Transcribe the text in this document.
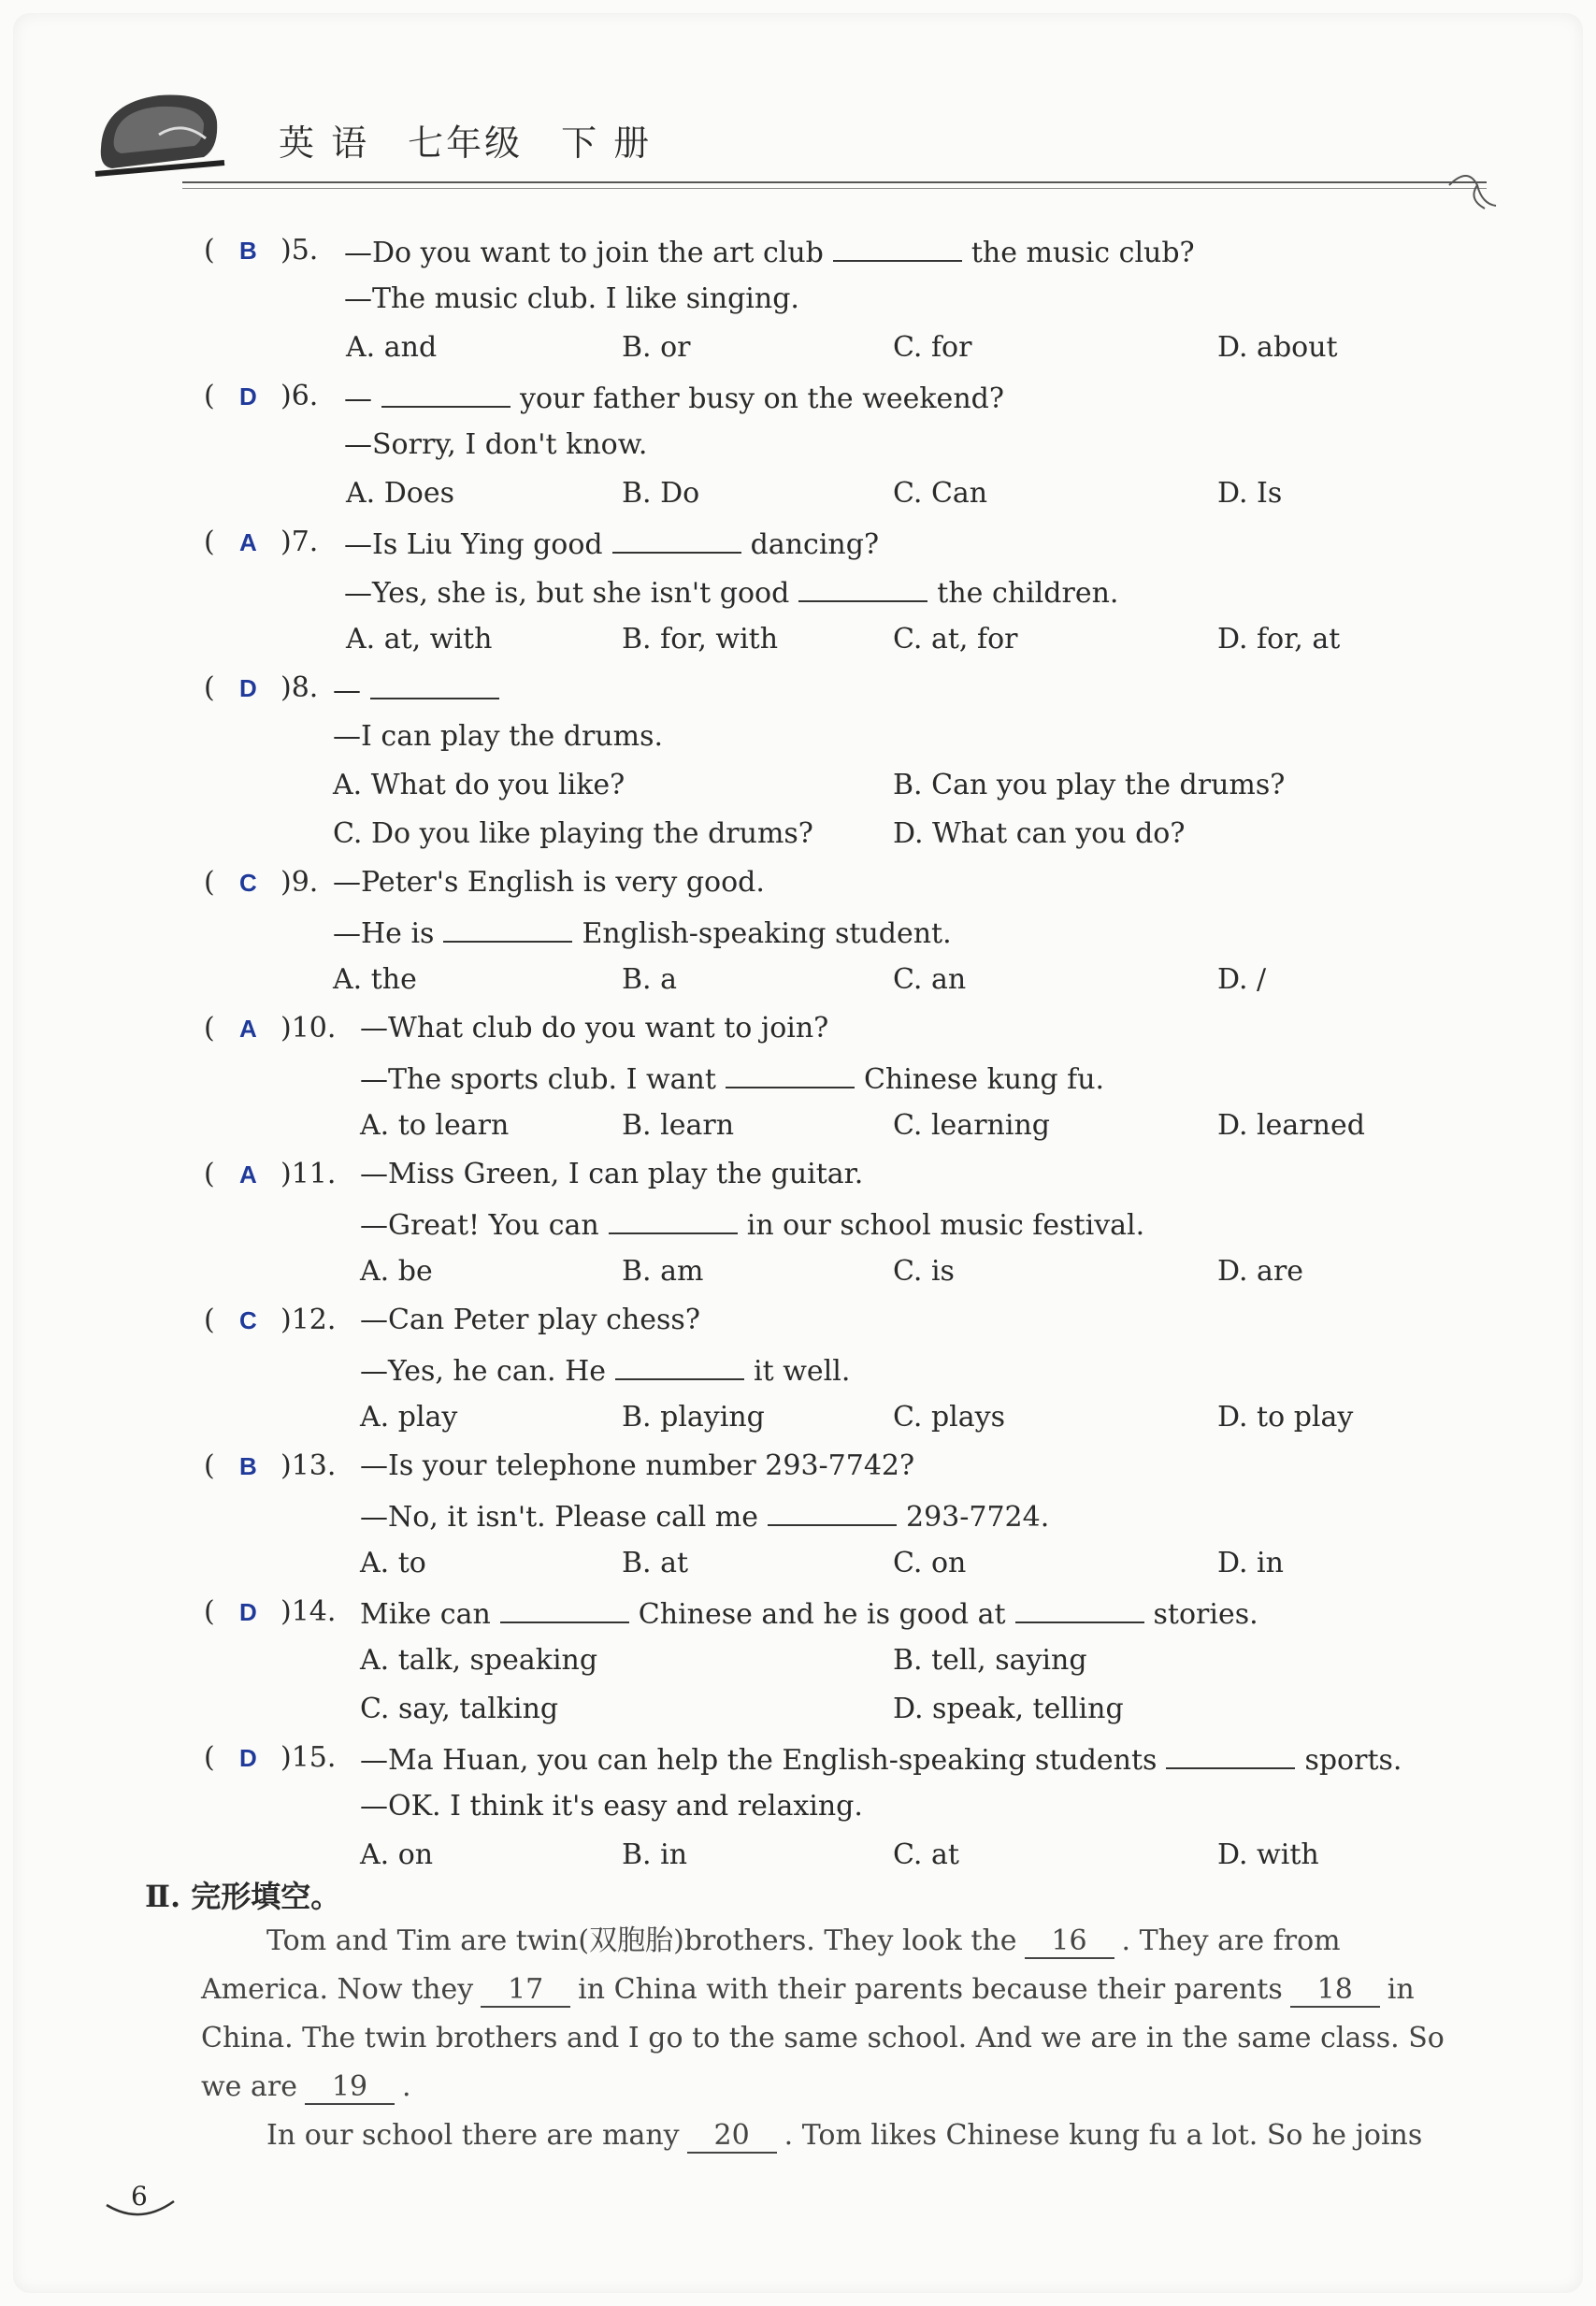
英 语　七年级　下 册
( B )5. —Do you want to join the art club	the music club?
—The music club. I like singing.
A. and	B. or	C. for	D. about
( D )6. —	your father busy on the weekend?
—Sorry, I don't know.
A. Does	B. Do	C. Can	D. Is
( A )7. —Is Liu Ying good	dancing?
—Yes, she is, but she isn't good	the children.
A. at, with	B. for, with	C. at, for	D. for, at
( D )8. —
—I can play the drums.
A. What do you like?	B. Can you play the drums?
C. Do you like playing the drums?	D. What can you do?
( C )9. —Peter's English is very good.
—He is	English-speaking student.
A. the	B. a	C. an	D. /
( A )10. —What club do you want to join?
—The sports club. I want	Chinese kung fu.
A. to learn	B. learn	C. learning	D. learned
( A )11. —Miss Green, I can play the guitar.
—Great! You can	in our school music festival.
A. be	B. am	C. is	D. are
( C )12. —Can Peter play chess?
—Yes, he can. He	it well.
A. play	B. playing	C. plays	D. to play
( B )13. —Is your telephone number 293-7742?
—No, it isn't. Please call me	293-7724.
A. to	B. at	C. on	D. in
( D )14. Mike can	Chinese and he is good at	stories.
A. talk, speaking	B. tell, saying
C. say, talking	D. speak, telling
( D )15. —Ma Huan, you can help the English-speaking students	sports.
—OK. I think it's easy and relaxing.
A. on	B. in	C. at	D. with
Ⅱ. 完形填空。
Tom and Tim are twin(双胞胎)brothers. They look the 16 . They are from
America. Now they 17 in China with their parents because their parents 18 in
China. The twin brothers and I go to the same school. And we are in the same class. So
we are 19 .
In our school there are many 20 . Tom likes Chinese kung fu a lot. So he joins
6
